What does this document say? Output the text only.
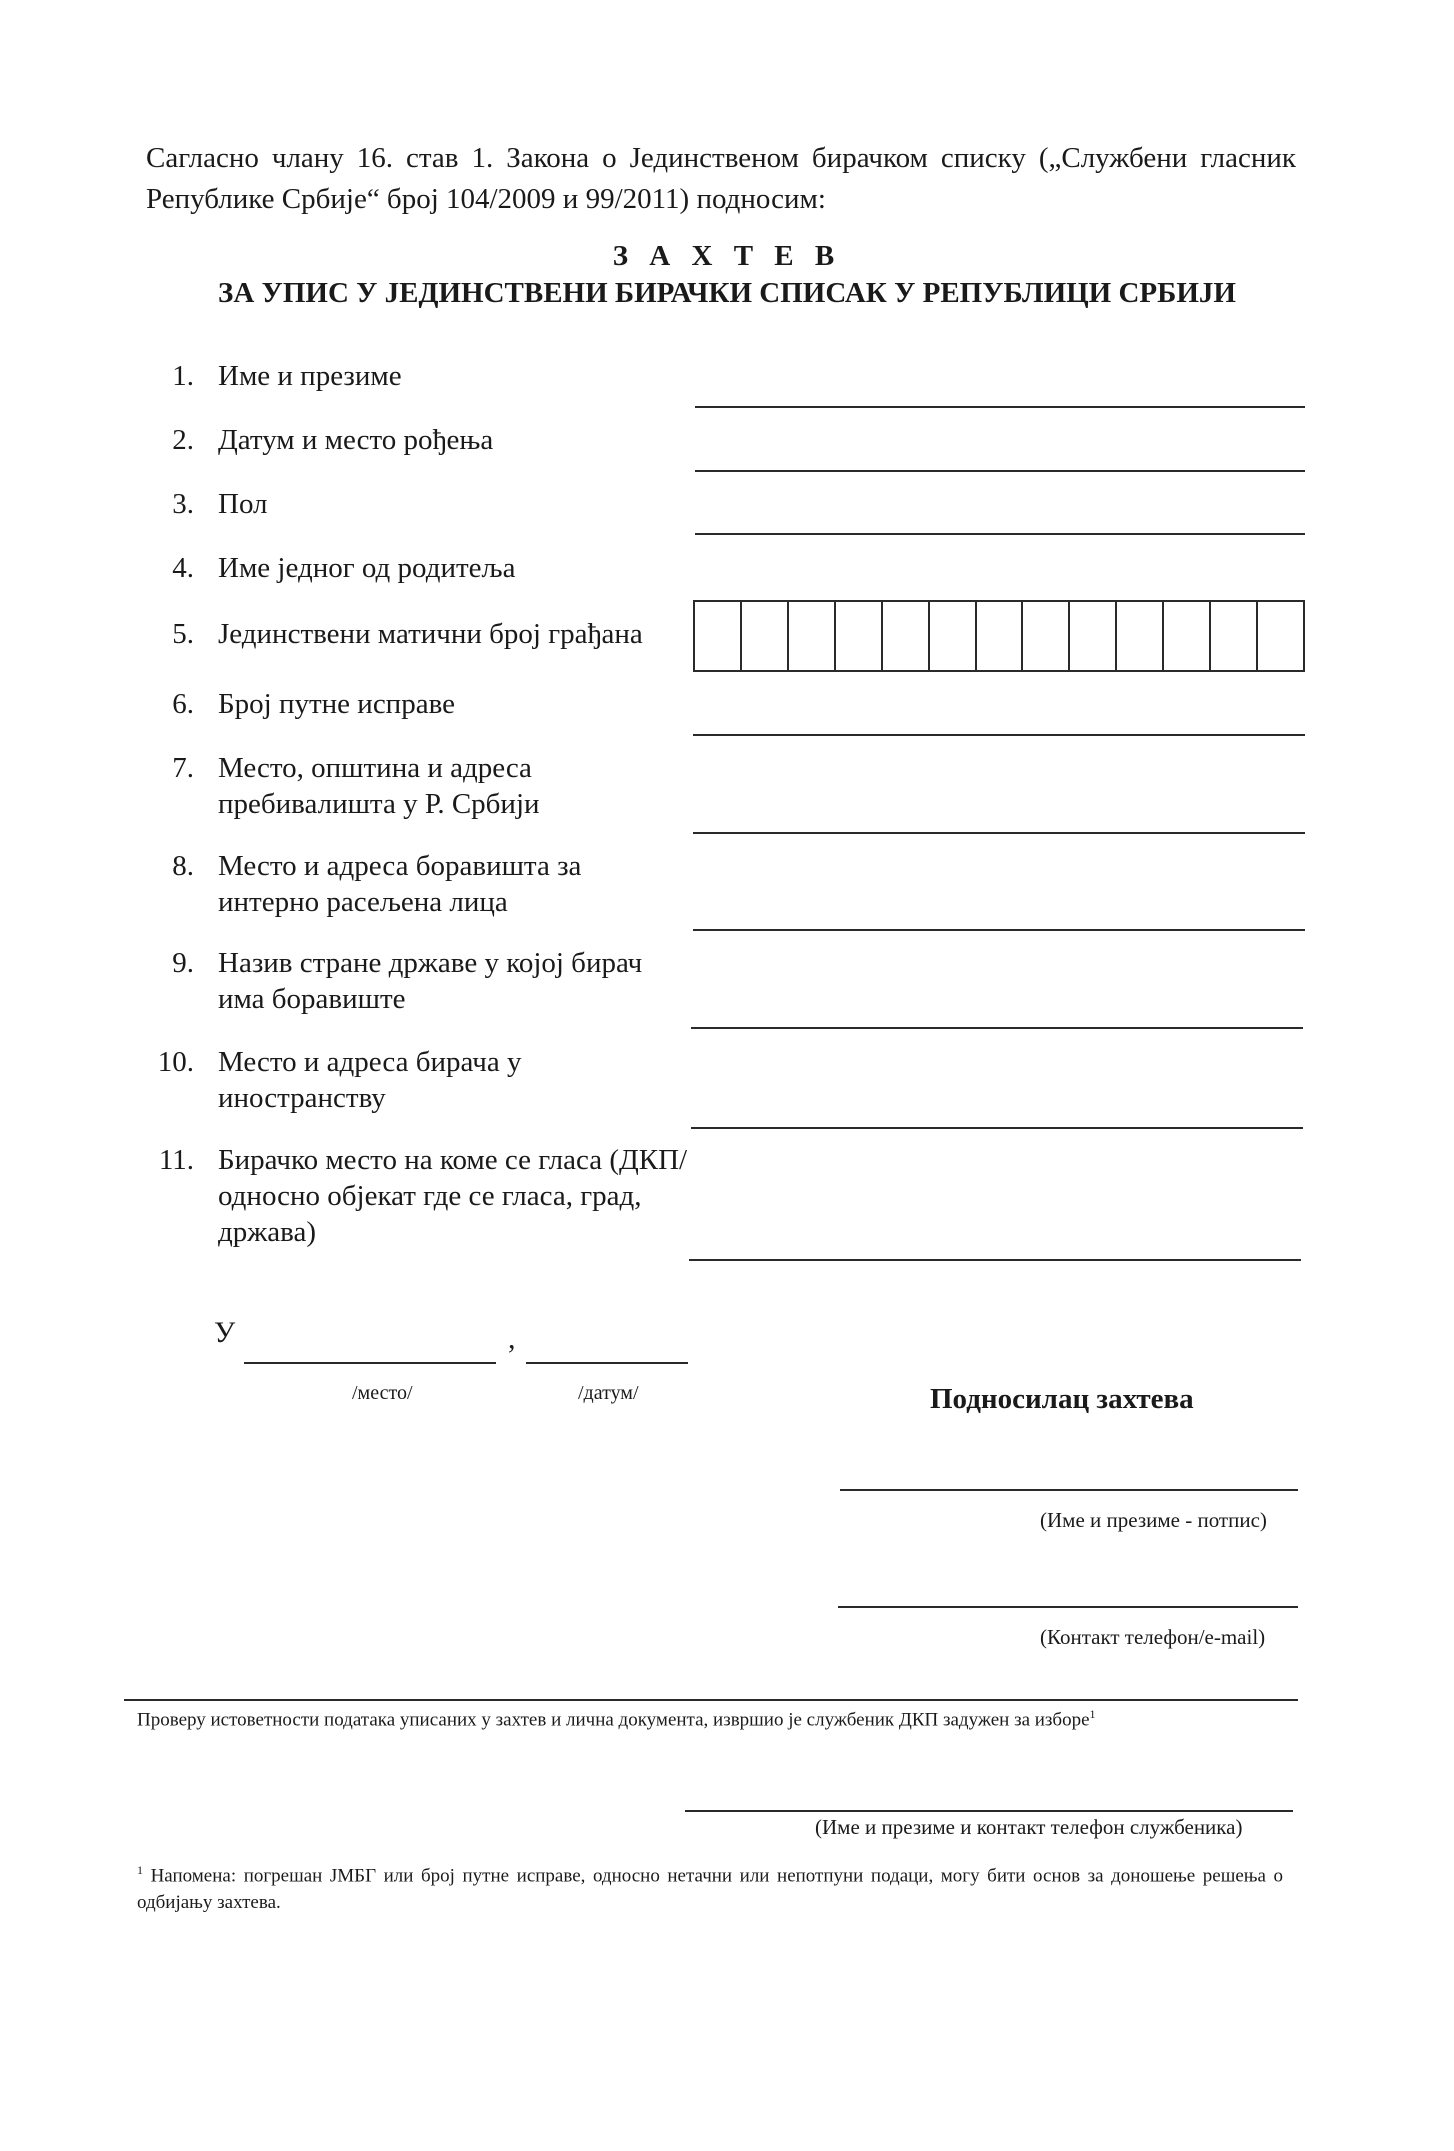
Сагласно члану 16. став 1. Закона о Јединственом бирачком списку („Службени гласник Републике Србије“ број 104/2009 и 99/2011) подносим:
З А Х Т Е В
ЗА УПИС У ЈЕДИНСТВЕНИ БИРАЧКИ СПИСАК У РЕПУБЛИЦИ СРБИЈИ
1. Име и презиме
2. Датум и место рођења
3. Пол
4. Име једног од родитеља
5. Јединствени матични број грађана
6. Број путне исправе
7. Место, општина и адреса пребивалишта у Р. Србији
8. Место и адреса боравишта за интерно расељена лица
9. Назив стране државе у којој бирач има боравиште
10. Место и адреса бирача у иностранству
11. Бирачко место на коме се гласа (ДКП/односно објекат где се гласа, град, држава)
У	,
/место/	/датум/	Подносилац захтева
(Име и презиме - потпис)
(Контакт телефон/e-mail)
Проверу истоветности података уписаних у захтев и лична документа, извршио је службеник ДКП задужен за изборе$^1$
(Име и презиме и контакт телефон службеника)
$^1$ Напомена: погрешан ЈМБГ или број путне исправе, односно нетачни или непотпуни подаци, могу бити основ за доношење решења о одбијању захтева.
